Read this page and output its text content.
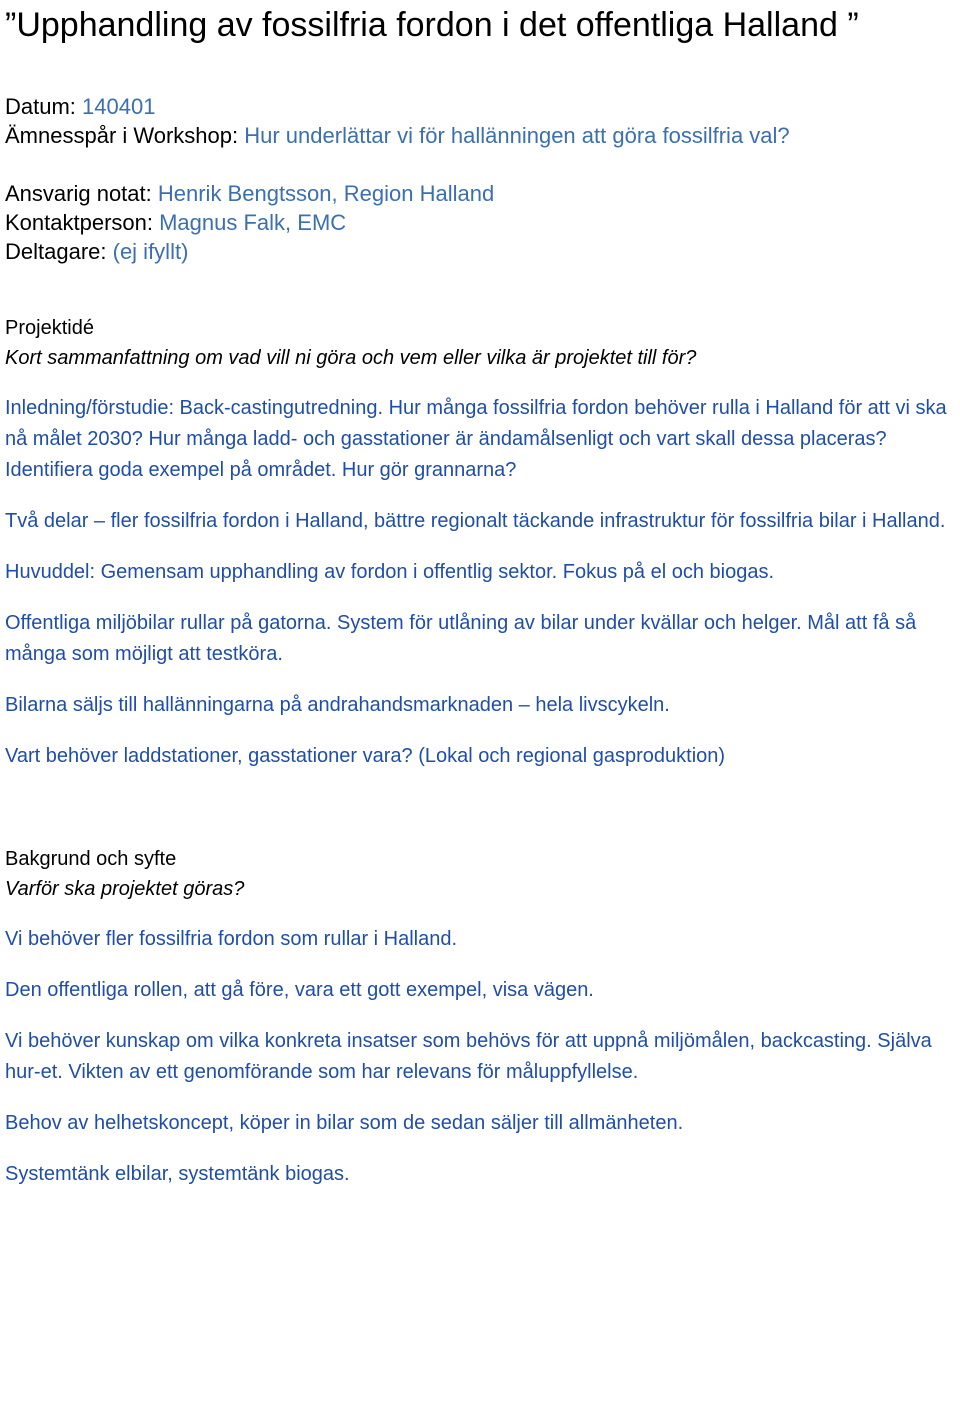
”Upphandling av fossilfria fordon i det offentliga Halland ”

Datum: 140401

Ämnesspår i Workshop: Hur underlättar vi för hallänningen att göra fossilfria val?

Ansvarig notat: Henrik Bengtsson, Region Halland

Kontaktperson: Magnus Falk, EMC

Deltagare: (ej ifyllt)

Projektidé

Kort sammanfattning om vad vill ni göra och vem eller vilka är projektet till för?

Inledning/förstudie: Back-castingutredning. Hur många fossilfria fordon behöver rulla i Halland för att vi ska nå målet 2030? Hur många ladd- och gasstationer är ändamålsenligt och vart skall dessa placeras? Identifiera goda exempel på området. Hur gör grannarna?

Två delar – fler fossilfria fordon i Halland, bättre regionalt täckande infrastruktur för fossilfria bilar i Halland.

Huvuddel: Gemensam upphandling av fordon i offentlig sektor. Fokus på el och biogas.

Offentliga miljöbilar rullar på gatorna. System för utlåning av bilar under kvällar och helger. Mål att få så många som möjligt att testköra.

Bilarna säljs till hallänningarna på andrahandsmarknaden – hela livscykeln.

Vart behöver laddstationer, gasstationer vara? (Lokal och regional gasproduktion)

Bakgrund och syfte

Varför ska projektet göras?

Vi behöver fler fossilfria fordon som rullar i Halland.

Den offentliga rollen, att gå före, vara ett gott exempel, visa vägen.

Vi behöver kunskap om vilka konkreta insatser som behövs för att uppnå miljömålen, backcasting. Själva hur-et. Vikten av ett genomförande som har relevans för måluppfyllelse.

Behov av helhetskoncept, köper in bilar som de sedan säljer till allmänheten.

Systemtänk elbilar, systemtänk biogas.
